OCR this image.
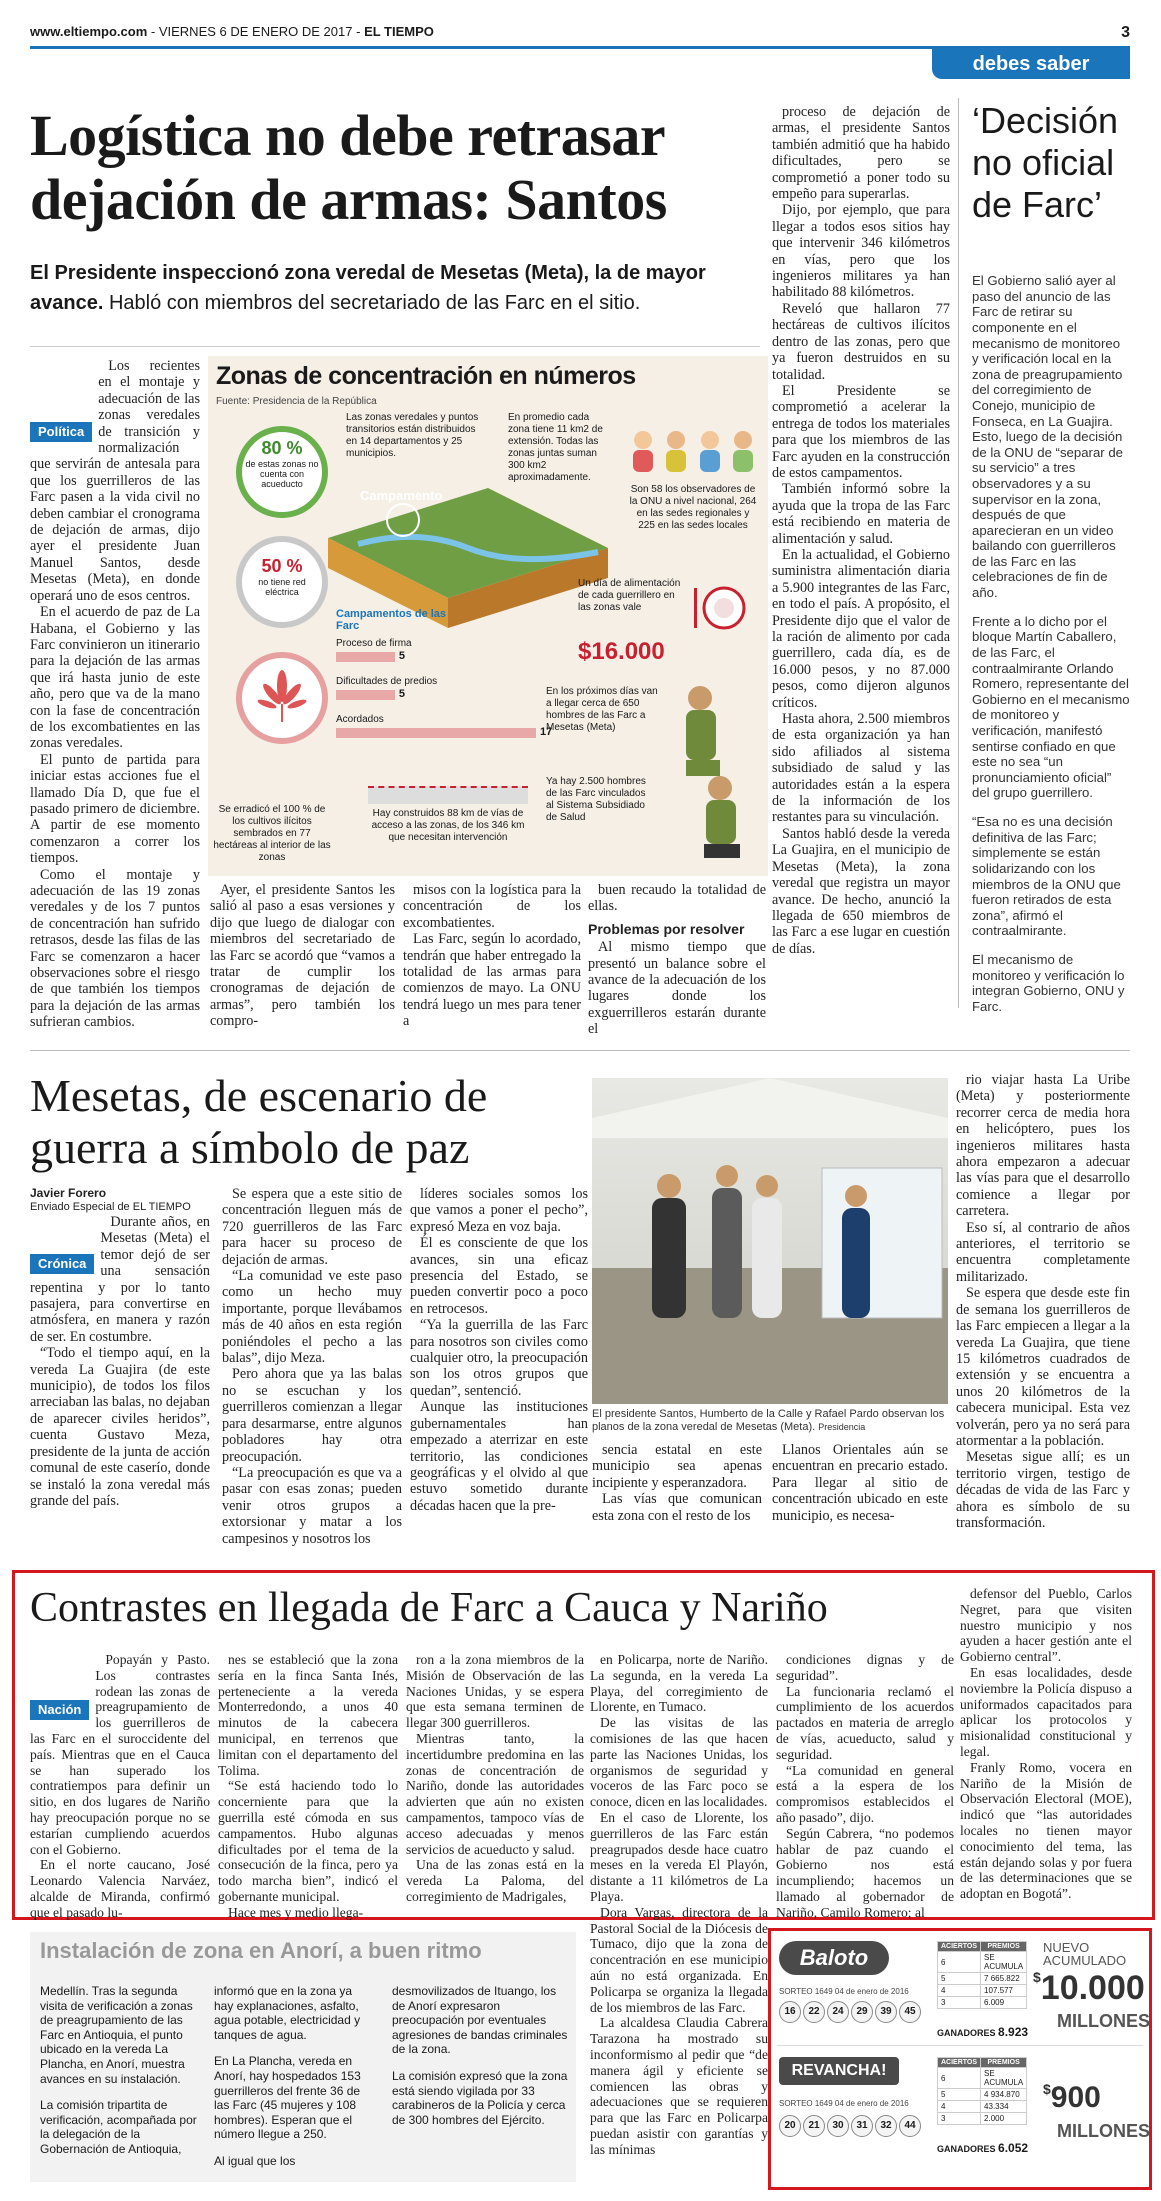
www.eltiempo.com - VIERNES 6 DE ENERO DE 2017 - EL TIEMPO	3
debes saber
Logística no debe retrasar dejación de armas: Santos
El Presidente inspeccionó zona veredal de Mesetas (Meta), la de mayor avance. Habló con miembros del secretariado de las Farc en el sitio.
Política

Los recientes en el montaje y adecuación de las zonas veredales de transición y normalización que servirán de antesala para que los guerrilleros de las Farc pasen a la vida civil no deben cambiar el cronograma de dejación de armas, dijo ayer el presidente Juan Manuel Santos, desde Mesetas (Meta), en donde operará uno de esos centros.

En el acuerdo de paz de La Habana, el Gobierno y las Farc convinieron un itinerario para la dejación de las armas que irá hasta junio de este año, pero que va de la mano con la fase de concentración de los excombatientes en las zonas veredales.

El punto de partida para iniciar estas acciones fue el llamado Día D, que fue el pasado primero de diciembre. A partir de ese momento comenzaron a correr los tiempos.

Como el montaje y adecuación de las 19 zonas veredales y de los 7 puntos de concentración han sufrido retrasos, desde las filas de las Farc se comenzaron a hacer observaciones sobre el riesgo de que también los tiempos para la dejación de las armas sufrieran cambios.

Zonas de concentración en números
Fuente: Presidencia de la República
80 %
de estas zonas no cuenta con acueducto
50 %
no tiene red eléctrica
Las zonas veredales y puntos transitorios están distribuidos en 14 departamentos y 25 municipios.
En promedio cada zona tiene 11 km2 de extensión. Todas las zonas juntas suman 300 km2 aproximadamente.
Son 58 los observadores de la ONU a nivel nacional, 264 en las sedes regionales y 225 en las sedes locales
Campamento
Campamentos de las Farc
Proceso de firma
5
Dificultades de predios
5
Acordados
17
Un día de alimentación de cada guerrillero en las zonas vale
$16.000
En los próximos días van a llegar cerca de 650 hombres de las Farc a Mesetas (Meta)
Ya hay 2.500 hombres de las Farc vinculados al Sistema Subsidiado de Salud
Se erradicó el 100 % de los cultivos ilícitos sembrados en 77 hectáreas al interior de las zonas
Hay construidos 88 km de vías de acceso a las zonas, de los 346 km que necesitan intervención

Ayer, el presidente Santos les salió al paso a esas versiones y dijo que luego de dialogar con miembros del secretariado de las Farc se acordó que “vamos a tratar de cumplir los cronogramas de dejación de armas”, pero también los compro-

misos con la logística para la concentración de los excombatientes.

Las Farc, según lo acordado, tendrán que haber entregado la totalidad de las armas para comienzos de mayo. La ONU tendrá luego un mes para tener a

buen recaudo la totalidad de ellas.

Problemas por resolver

Al mismo tiempo que presentó un balance sobre el avance de la adecuación de los lugares donde los exguerrilleros estarán durante el

proceso de dejación de armas, el presidente Santos también admitió que ha habido dificultades, pero se comprometió a poner todo su empeño para superarlas.

Dijo, por ejemplo, que para llegar a todos esos sitios hay que intervenir 346 kilómetros en vías, pero que los ingenieros militares ya han habilitado 88 kilómetros.

Reveló que hallaron 77 hectáreas de cultivos ilícitos dentro de las zonas, pero que ya fueron destruidos en su totalidad.

El Presidente se comprometió a acelerar la entrega de todos los materiales para que los miembros de las Farc ayuden en la construcción de estos campamentos.

También informó sobre la ayuda que la tropa de las Farc está recibiendo en materia de alimentación y salud.

En la actualidad, el Gobierno suministra alimentación diaria a 5.900 integrantes de las Farc, en todo el país. A propósito, el Presidente dijo que el valor de la ración de alimento por cada guerrillero, cada día, es de 16.000 pesos, y no 87.000 pesos, como dijeron algunos críticos.

Hasta ahora, 2.500 miembros de esta organización ya han sido afiliados al sistema subsidiado de salud y las autoridades están a la espera de la información de los restantes para su vinculación.

Santos habló desde la vereda La Guajira, en el municipio de Mesetas (Meta), la zona veredal que registra un mayor avance. De hecho, anunció la llegada de 650 miembros de las Farc a ese lugar en cuestión de días.

‘Decisión no oficial de Farc’

El Gobierno salió ayer al paso del anuncio de las Farc de retirar su componente en el mecanismo de monitoreo y verificación local en la zona de preagrupamiento del corregimiento de Conejo, municipio de Fonseca, en La Guajira. Esto, luego de la decisión de la ONU de “separar de su servicio” a tres observadores y a su supervisor en la zona, después de que aparecieran en un video bailando con guerrilleros de las Farc en las celebraciones de fin de año.

Frente a lo dicho por el bloque Martín Caballero, de las Farc, el contraalmirante Orlando Romero, representante del Gobierno en el mecanismo de monitoreo y verificación, manifestó sentirse confiado en que este no sea “un pronunciamiento oficial” del grupo guerrillero.

“Esa no es una decisión definitiva de las Farc; simplemente se están solidarizando con los miembros de la ONU que fueron retirados de esta zona”, afirmó el contraalmirante.

El mecanismo de monitoreo y verificación lo integran Gobierno, ONU y Farc.

Mesetas, de escenario de guerra a símbolo de paz
Javier Forero
Enviado Especial de EL TIEMPO
Crónica

Durante años, en Mesetas (Meta) el temor dejó de ser una sensación repentina y por lo tanto pasajera, para convertirse en atmósfera, en manera y razón de ser. En costumbre.

“Todo el tiempo aquí, en la vereda La Guajira (de este municipio), de todos los filos arreciaban las balas, no dejaban de aparecer civiles heridos”, cuenta Gustavo Meza, presidente de la junta de acción comunal de este caserío, donde se instaló la zona veredal más grande del país.

Se espera que a este sitio de concentración lleguen más de 720 guerrilleros de las Farc para hacer su proceso de dejación de armas.

“La comunidad ve este paso como un hecho muy importante, porque llevábamos más de 40 años en esta región poniéndoles el pecho a las balas”, dijo Meza.

Pero ahora que ya las balas no se escuchan y los guerrilleros comienzan a llegar para desarmarse, entre algunos pobladores hay otra preocupación.

“La preocupación es que va a pasar con esas zonas; pueden venir otros grupos a extorsionar y matar a los campesinos y nosotros los

líderes sociales somos los que vamos a poner el pecho”, expresó Meza en voz baja.

Él es consciente de que los avances, sin una eficaz presencia del Estado, se pueden convertir poco a poco en retrocesos.

“Ya la guerrilla de las Farc para nosotros son civiles como cualquier otro, la preocupación son los otros grupos que quedan”, sentenció.

Aunque las instituciones gubernamentales han empezado a aterrizar en este territorio, las condiciones geográficas y el olvido al que estuvo sometido durante décadas hacen que la pre-

El presidente Santos, Humberto de la Calle y Rafael Pardo observan los planos de la zona veredal de Mesetas (Meta). Presidencia

sencia estatal en este municipio sea apenas incipiente y esperanzadora.

Las vías que comunican esta zona con el resto de los

Llanos Orientales aún se encuentran en precario estado. Para llegar al sitio de concentración ubicado en este municipio, es necesa-

rio viajar hasta La Uribe (Meta) y posteriormente recorrer cerca de media hora en helicóptero, pues los ingenieros militares hasta ahora empezaron a adecuar las vías para que el desarrollo comience a llegar por carretera.

Eso sí, al contrario de años anteriores, el territorio se encuentra completamente militarizado.

Se espera que desde este fin de semana los guerrilleros de las Farc empiecen a llegar a la vereda La Guajira, que tiene 15 kilómetros cuadrados de extensión y se encuentra a unos 20 kilómetros de la cabecera municipal. Esta vez volverán, pero ya no será para atormentar a la población.

Mesetas sigue allí; es un territorio virgen, testigo de décadas de vida de las Farc y ahora es símbolo de su transformación.

Contrastes en llegada de Farc a Cauca y Nariño
Nación

Popayán y Pasto. Los contrastes rodean las zonas de preagrupamiento de los guerrilleros de las Farc en el suroccidente del país. Mientras que en el Cauca se han superado los contratiempos para definir un sitio, en dos lugares de Nariño hay preocupación porque no se estarían cumpliendo acuerdos con el Gobierno.

En el norte caucano, José Leonardo Valencia Narváez, alcalde de Miranda, confirmó que el pasado lu-

nes se estableció que la zona sería en la finca Santa Inés, perteneciente a la vereda Monterredondo, a unos 40 minutos de la cabecera municipal, en terrenos que limitan con el departamento del Tolima.

“Se está haciendo todo lo concerniente para que la guerrilla esté cómoda en sus campamentos. Hubo algunas dificultades por el tema de la consecución de la finca, pero ya todo marcha bien”, indicó el gobernante municipal.

Hace mes y medio llega-

ron a la zona miembros de la Misión de Observación de las Naciones Unidas, y se espera que esta semana terminen de llegar 300 guerrilleros.

Mientras tanto, la incertidumbre predomina en las zonas de concentración de Nariño, donde las autoridades advierten que aún no existen campamentos, tampoco vías de acceso adecuadas y menos servicios de acueducto y salud.

Una de las zonas está en la vereda La Paloma, del corregimiento de Madrigales,

en Policarpa, norte de Nariño. La segunda, en la vereda La Playa, del corregimiento de Llorente, en Tumaco.

De las visitas de las comisiones de las que hacen parte las Naciones Unidas, los organismos de seguridad y voceros de las Farc poco se conoce, dicen en las localidades.

En el caso de Llorente, los guerrilleros de las Farc están preagrupados desde hace cuatro meses en la vereda El Playón, distante a 11 kilómetros de La Playa.

Dora Vargas, directora de la Pastoral Social de la Diócesis de Tumaco, dijo que la zona de concentración en ese municipio aún no está organizada. En Policarpa se organiza la llegada de los miembros de las Farc.

La alcaldesa Claudia Cabrera Tarazona ha mostrado su inconformismo al pedir que “de manera ágil y eficiente se comiencen las obras y adecuaciones que se requieren para que las Farc en Policarpa puedan asistir con garantías y las mínimas

condiciones dignas y de seguridad”.

La funcionaria reclamó el cumplimiento de los acuerdos pactados en materia de arreglo de vías, acueducto, salud y seguridad.

“La comunidad en general está a la espera de los compromisos establecidos el año pasado”, dijo.

Según Cabrera, “no podemos hablar de paz cuando el Gobierno nos está incumpliendo; hacemos un llamado al gobernador de Nariño, Camilo Romero; al

defensor del Pueblo, Carlos Negret, para que visiten nuestro municipio y nos ayuden a hacer gestión ante el Gobierno central”.

En esas localidades, desde noviembre la Policía dispuso a uniformados capacitados para aplicar los protocolos y misionalidad constitucional y legal.

Franly Romo, vocera en Nariño de la Misión de Observación Electoral (MOE), indicó que “las autoridades locales no tienen mayor conocimiento del tema, las están dejando solas y por fuera de las determinaciones que se adoptan en Bogotá”.

Instalación de zona en Anorí, a buen ritmo

Medellín. Tras la segunda visita de verificación a zonas de preagrupamiento de las Farc en Antioquia, el punto ubicado en la vereda La Plancha, en Anorí, muestra avances en su instalación.

La comisión tripartita de verificación, acompañada por la delegación de la Gobernación de Antioquia,

informó que en la zona ya hay explanaciones, asfalto, agua potable, electricidad y tanques de agua.

En La Plancha, vereda en Anorí, hay hospedados 153 guerrilleros del frente 36 de las Farc (45 mujeres y 108 hombres). Esperan que el número llegue a 250.

Al igual que los

desmovilizados de Ituango, los de Anorí expresaron preocupación por eventuales agresiones de bandas criminales de la zona.

La comisión expresó que la zona está siendo vigilada por 33 carabineros de la Policía y cerca de 300 hombres del Ejército.

Baloto
SORTEO 1649 04 de enero de 2016
16 22 24 29 39 45
ACIERTOS	PREMIOS
6	SE ACUMULA
5	7 665.822
4	107.577
3	6.009
GANADORES 8.923
NUEVO ACUMULADO
$10.000
MILLONES
REVANCHA!
SORTEO 1649 04 de enero de 2016
20 21 30 31 32 44
ACIERTOS	PREMIOS
6	SE ACUMULA
5	4 934.870
4	43.334
3	2.000
GANADORES 6.052
$900
MILLONES
